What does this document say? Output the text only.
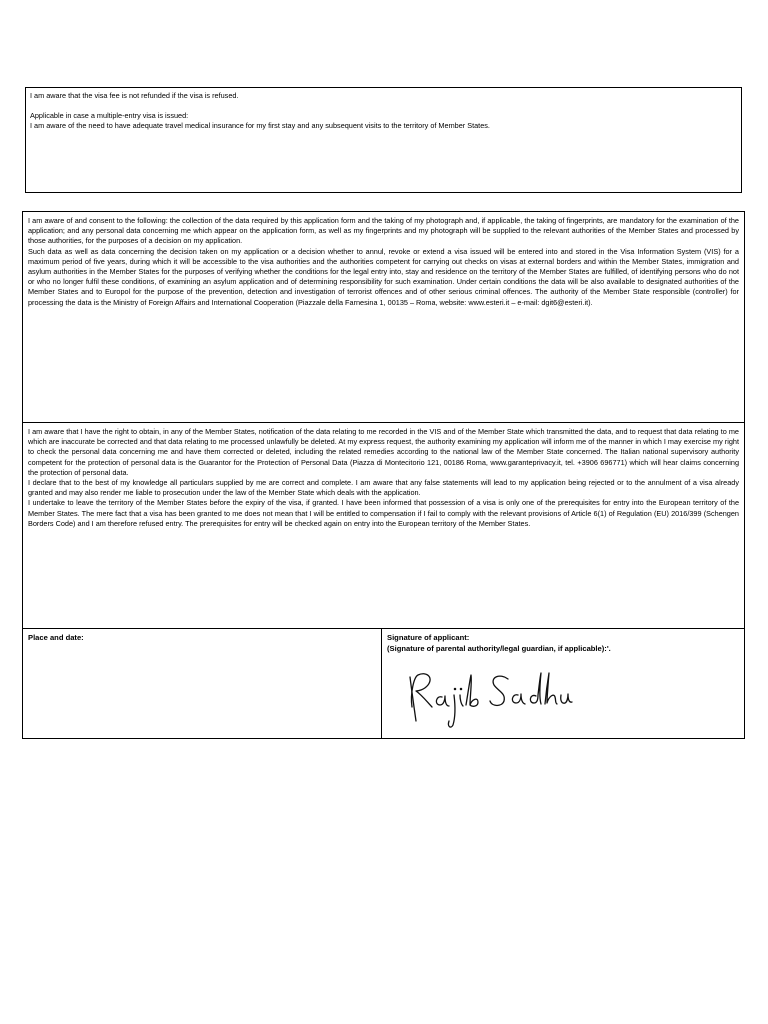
I am aware that the visa fee is not refunded if the visa is refused.

Applicable in case a multiple-entry visa is issued:

I am aware of the need to have adequate travel medical insurance for my first stay and any subsequent visits to the territory of Member States.

I am aware of and consent to the following: the collection of the data required by this application form and the taking of my photograph and, if applicable, the taking of fingerprints, are mandatory for the examination of the application; and any personal data concerning me which appear on the application form, as well as my fingerprints and my photograph will be supplied to the relevant authorities of the Member States and processed by those authorities, for the purposes of a decision on my application.

Such data as well as data concerning the decision taken on my application or a decision whether to annul, revoke or extend a visa issued will be entered into and stored in the Visa Information System (VIS) for a maximum period of five years, during which it will be accessible to the visa authorities and the authorities competent for carrying out checks on visas at external borders and within the Member States, immigration and asylum authorities in the Member States for the purposes of verifying whether the conditions for the legal entry into, stay and residence on the territory of the Member States are fulfilled, of identifying persons who do not or who no longer fulfil these conditions, of examining an asylum application and of determining responsibility for such examination. Under certain conditions the data will be also available to designated authorities of the Member States and to Europol for the purpose of the prevention, detection and investigation of terrorist offences and of other serious criminal offences. The authority of the Member State responsible (controller) for processing the data is the Ministry of Foreign Affairs and International Cooperation (Piazzale della Farnesina 1, 00135 – Roma, website: www.esteri.it – e-mail: dgit6@esteri.it).

I am aware that I have the right to obtain, in any of the Member States, notification of the data relating to me recorded in the VIS and of the Member State which transmitted the data, and to request that data relating to me which are inaccurate be corrected and that data relating to me processed unlawfully be deleted. At my express request, the authority examining my application will inform me of the manner in which I may exercise my right to check the personal data concerning me and have them corrected or deleted, including the related remedies according to the national law of the Member State concerned. The Italian national supervisory authority competent for the protection of personal data is the Guarantor for the Protection of Personal Data (Piazza di Montecitorio 121, 00186 Roma, www.garanteprivacy.it, tel. +3906 696771) which will hear claims concerning the protection of personal data.

I declare that to the best of my knowledge all particulars supplied by me are correct and complete. I am aware that any false statements will lead to my application being rejected or to the annulment of a visa already granted and may also render me liable to prosecution under the law of the Member State which deals with the application.

I undertake to leave the territory of the Member States before the expiry of the visa, if granted. I have been informed that possession of a visa is only one of the prerequisites for entry into the European territory of the Member States. The mere fact that a visa has been granted to me does not mean that I will be entitled to compensation if I fail to comply with the relevant provisions of Article 6(1) of Regulation (EU) 2016/399 (Schengen Borders Code) and I am therefore refused entry. The prerequisites for entry will be checked again on entry into the European territory of the Member States.

Place and date:	Signature of applicant:

(Signature of parental authority/legal guardian, if applicable):'.
